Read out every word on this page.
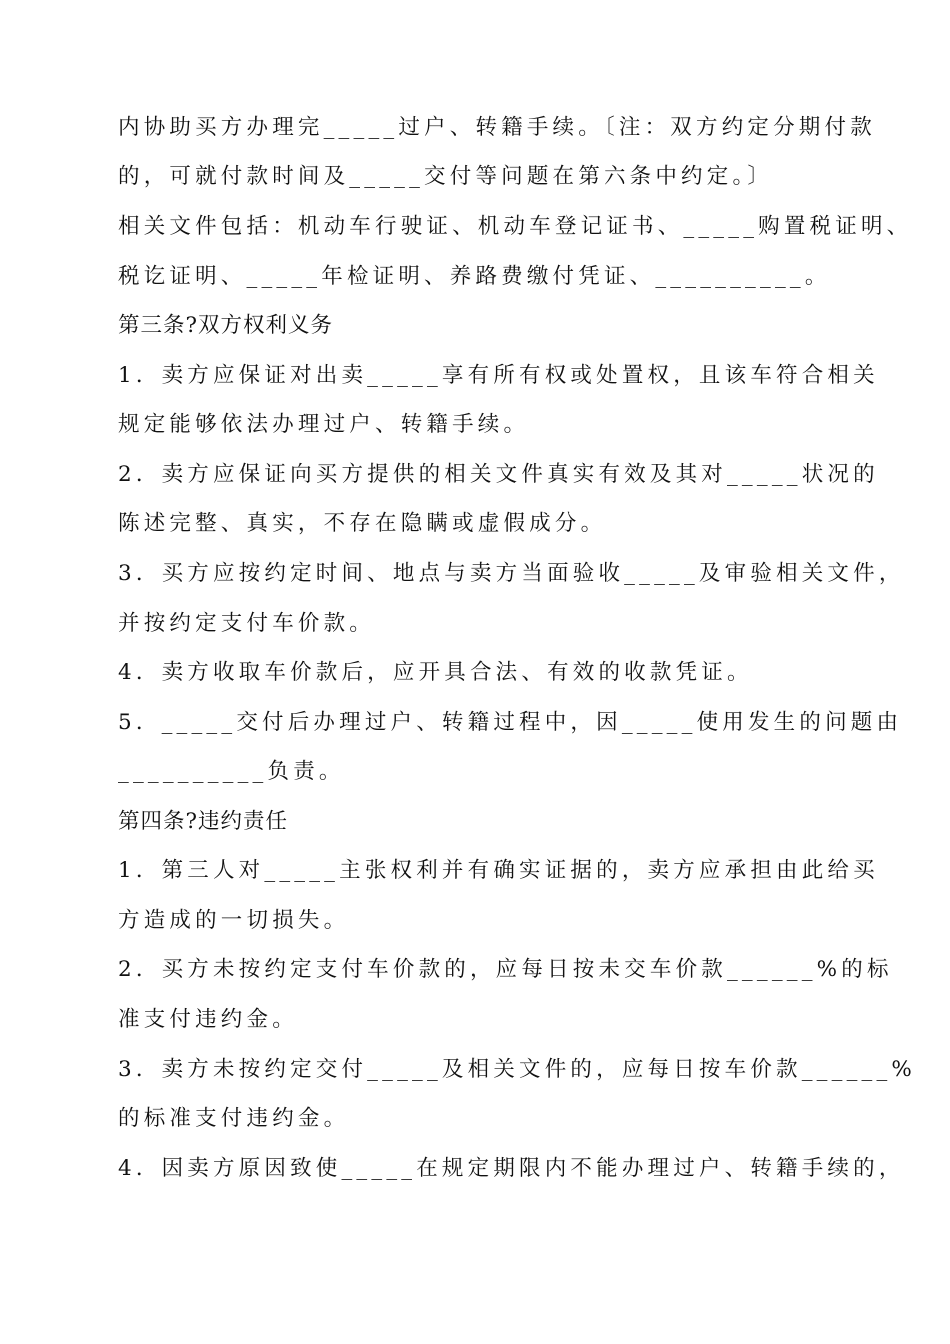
内协助买方办理完_____过户、转籍手续。〔注：双方约定分期付款
的，可就付款时间及_____交付等问题在第六条中约定。〕
相关文件包括：机动车行驶证、机动车登记证书、_____购置税证明、
税讫证明、_____年检证明、养路费缴付凭证、__________。
第三条?双方权利义务
1．卖方应保证对出卖_____享有所有权或处置权，且该车符合相关
规定能够依法办理过户、转籍手续。
2．卖方应保证向买方提供的相关文件真实有效及其对_____状况的
陈述完整、真实，不存在隐瞒或虚假成分。
3．买方应按约定时间、地点与卖方当面验收_____及审验相关文件，
并按约定支付车价款。
4．卖方收取车价款后，应开具合法、有效的收款凭证。
5．_____交付后办理过户、转籍过程中，因_____使用发生的问题由
__________负责。
第四条?违约责任
1．第三人对_____主张权利并有确实证据的，卖方应承担由此给买
方造成的一切损失。
2．买方未按约定支付车价款的，应每日按未交车价款______%的标
准支付违约金。
3．卖方未按约定交付_____及相关文件的，应每日按车价款______%
的标准支付违约金。
4．因卖方原因致使_____在规定期限内不能办理过户、转籍手续的，
